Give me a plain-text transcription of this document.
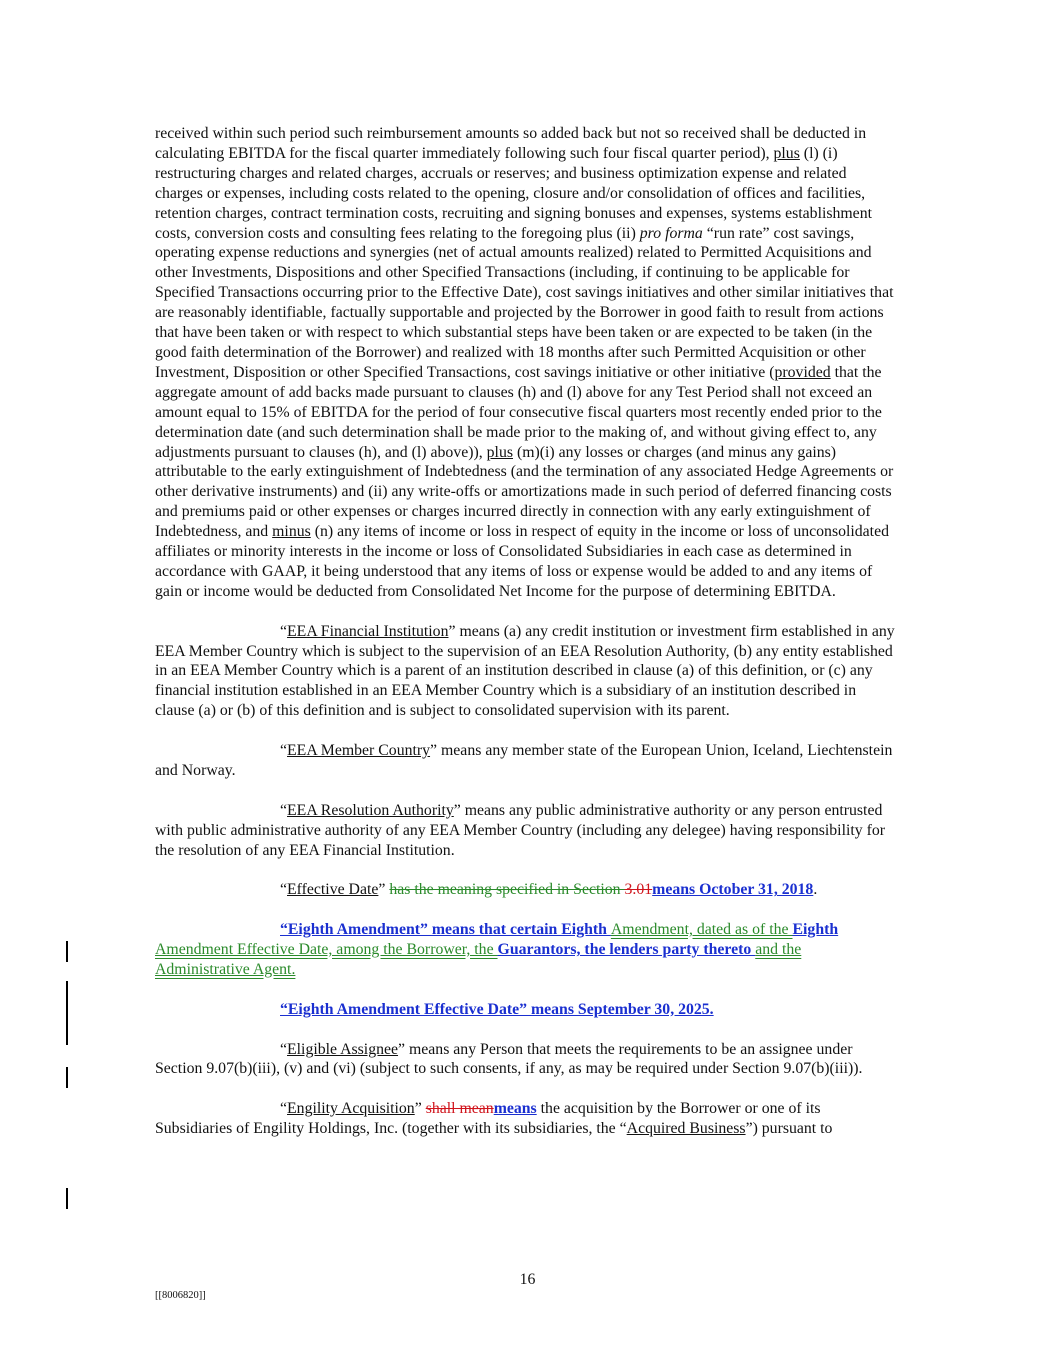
received within such period such reimbursement amounts so added back but not so received shall be deducted in calculating EBITDA for the fiscal quarter immediately following such four fiscal quarter period), plus (l) (i) restructuring charges and related charges, accruals or reserves; and business optimization expense and related charges or expenses, including costs related to the opening, closure and/or consolidation of offices and facilities, retention charges, contract termination costs, recruiting and signing bonuses and expenses, systems establishment costs, conversion costs and consulting fees relating to the foregoing plus (ii) pro forma “run rate” cost savings, operating expense reductions and synergies (net of actual amounts realized) related to Permitted Acquisitions and other Investments, Dispositions and other Specified Transactions (including, if continuing to be applicable for Specified Transactions occurring prior to the Effective Date), cost savings initiatives and other similar initiatives that are reasonably identifiable, factually supportable and projected by the Borrower in good faith to result from actions that have been taken or with respect to which substantial steps have been taken or are expected to be taken (in the good faith determination of the Borrower) and realized with 18 months after such Permitted Acquisition or other Investment, Disposition or other Specified Transactions, cost savings initiative or other initiative (provided that the aggregate amount of add backs made pursuant to clauses (h) and (l) above for any Test Period shall not exceed an amount equal to 15% of EBITDA for the period of four consecutive fiscal quarters most recently ended prior to the determination date (and such determination shall be made prior to the making of, and without giving effect to, any adjustments pursuant to clauses (h), and (l) above)), plus (m)(i) any losses or charges (and minus any gains) attributable to the early extinguishment of Indebtedness (and the termination of any associated Hedge Agreements or other derivative instruments) and (ii) any write-offs or amortizations made in such period of deferred financing costs and premiums paid or other expenses or charges incurred directly in connection with any early extinguishment of Indebtedness, and minus (n) any items of income or loss in respect of equity in the income or loss of unconsolidated affiliates or minority interests in the income or loss of Consolidated Subsidiaries in each case as determined in accordance with GAAP, it being understood that any items of loss or expense would be added to and any items of gain or income would be deducted from Consolidated Net Income for the purpose of determining EBITDA.

“EEA Financial Institution” means (a) any credit institution or investment firm established in any EEA Member Country which is subject to the supervision of an EEA Resolution Authority, (b) any entity established in an EEA Member Country which is a parent of an institution described in clause (a) of this definition, or (c) any financial institution established in an EEA Member Country which is a subsidiary of an institution described in clause (a) or (b) of this definition and is subject to consolidated supervision with its parent.

“EEA Member Country” means any member state of the European Union, Iceland, Liechtenstein and Norway.

“EEA Resolution Authority” means any public administrative authority or any person entrusted with public administrative authority of any EEA Member Country (including any delegee) having responsibility for the resolution of any EEA Financial Institution.

“Effective Date” has the meaning specified in Section 3.01means October 31, 2018.

“Eighth Amendment” means that certain Eighth Amendment, dated as of the Eighth Amendment Effective Date, among the Borrower, the Guarantors, the lenders party thereto and the Administrative Agent.

“Eighth Amendment Effective Date” means September 30, 2025.

“Eligible Assignee” means any Person that meets the requirements to be an assignee under Section 9.07(b)(iii), (v) and (vi) (subject to such consents, if any, as may be required under Section 9.07(b)(iii)).

“Engility Acquisition” shall meanmeans the acquisition by the Borrower or one of its Subsidiaries of Engility Holdings, Inc. (together with its subsidiaries, the “Acquired Business”) pursuant to

16
[[8006820]]
